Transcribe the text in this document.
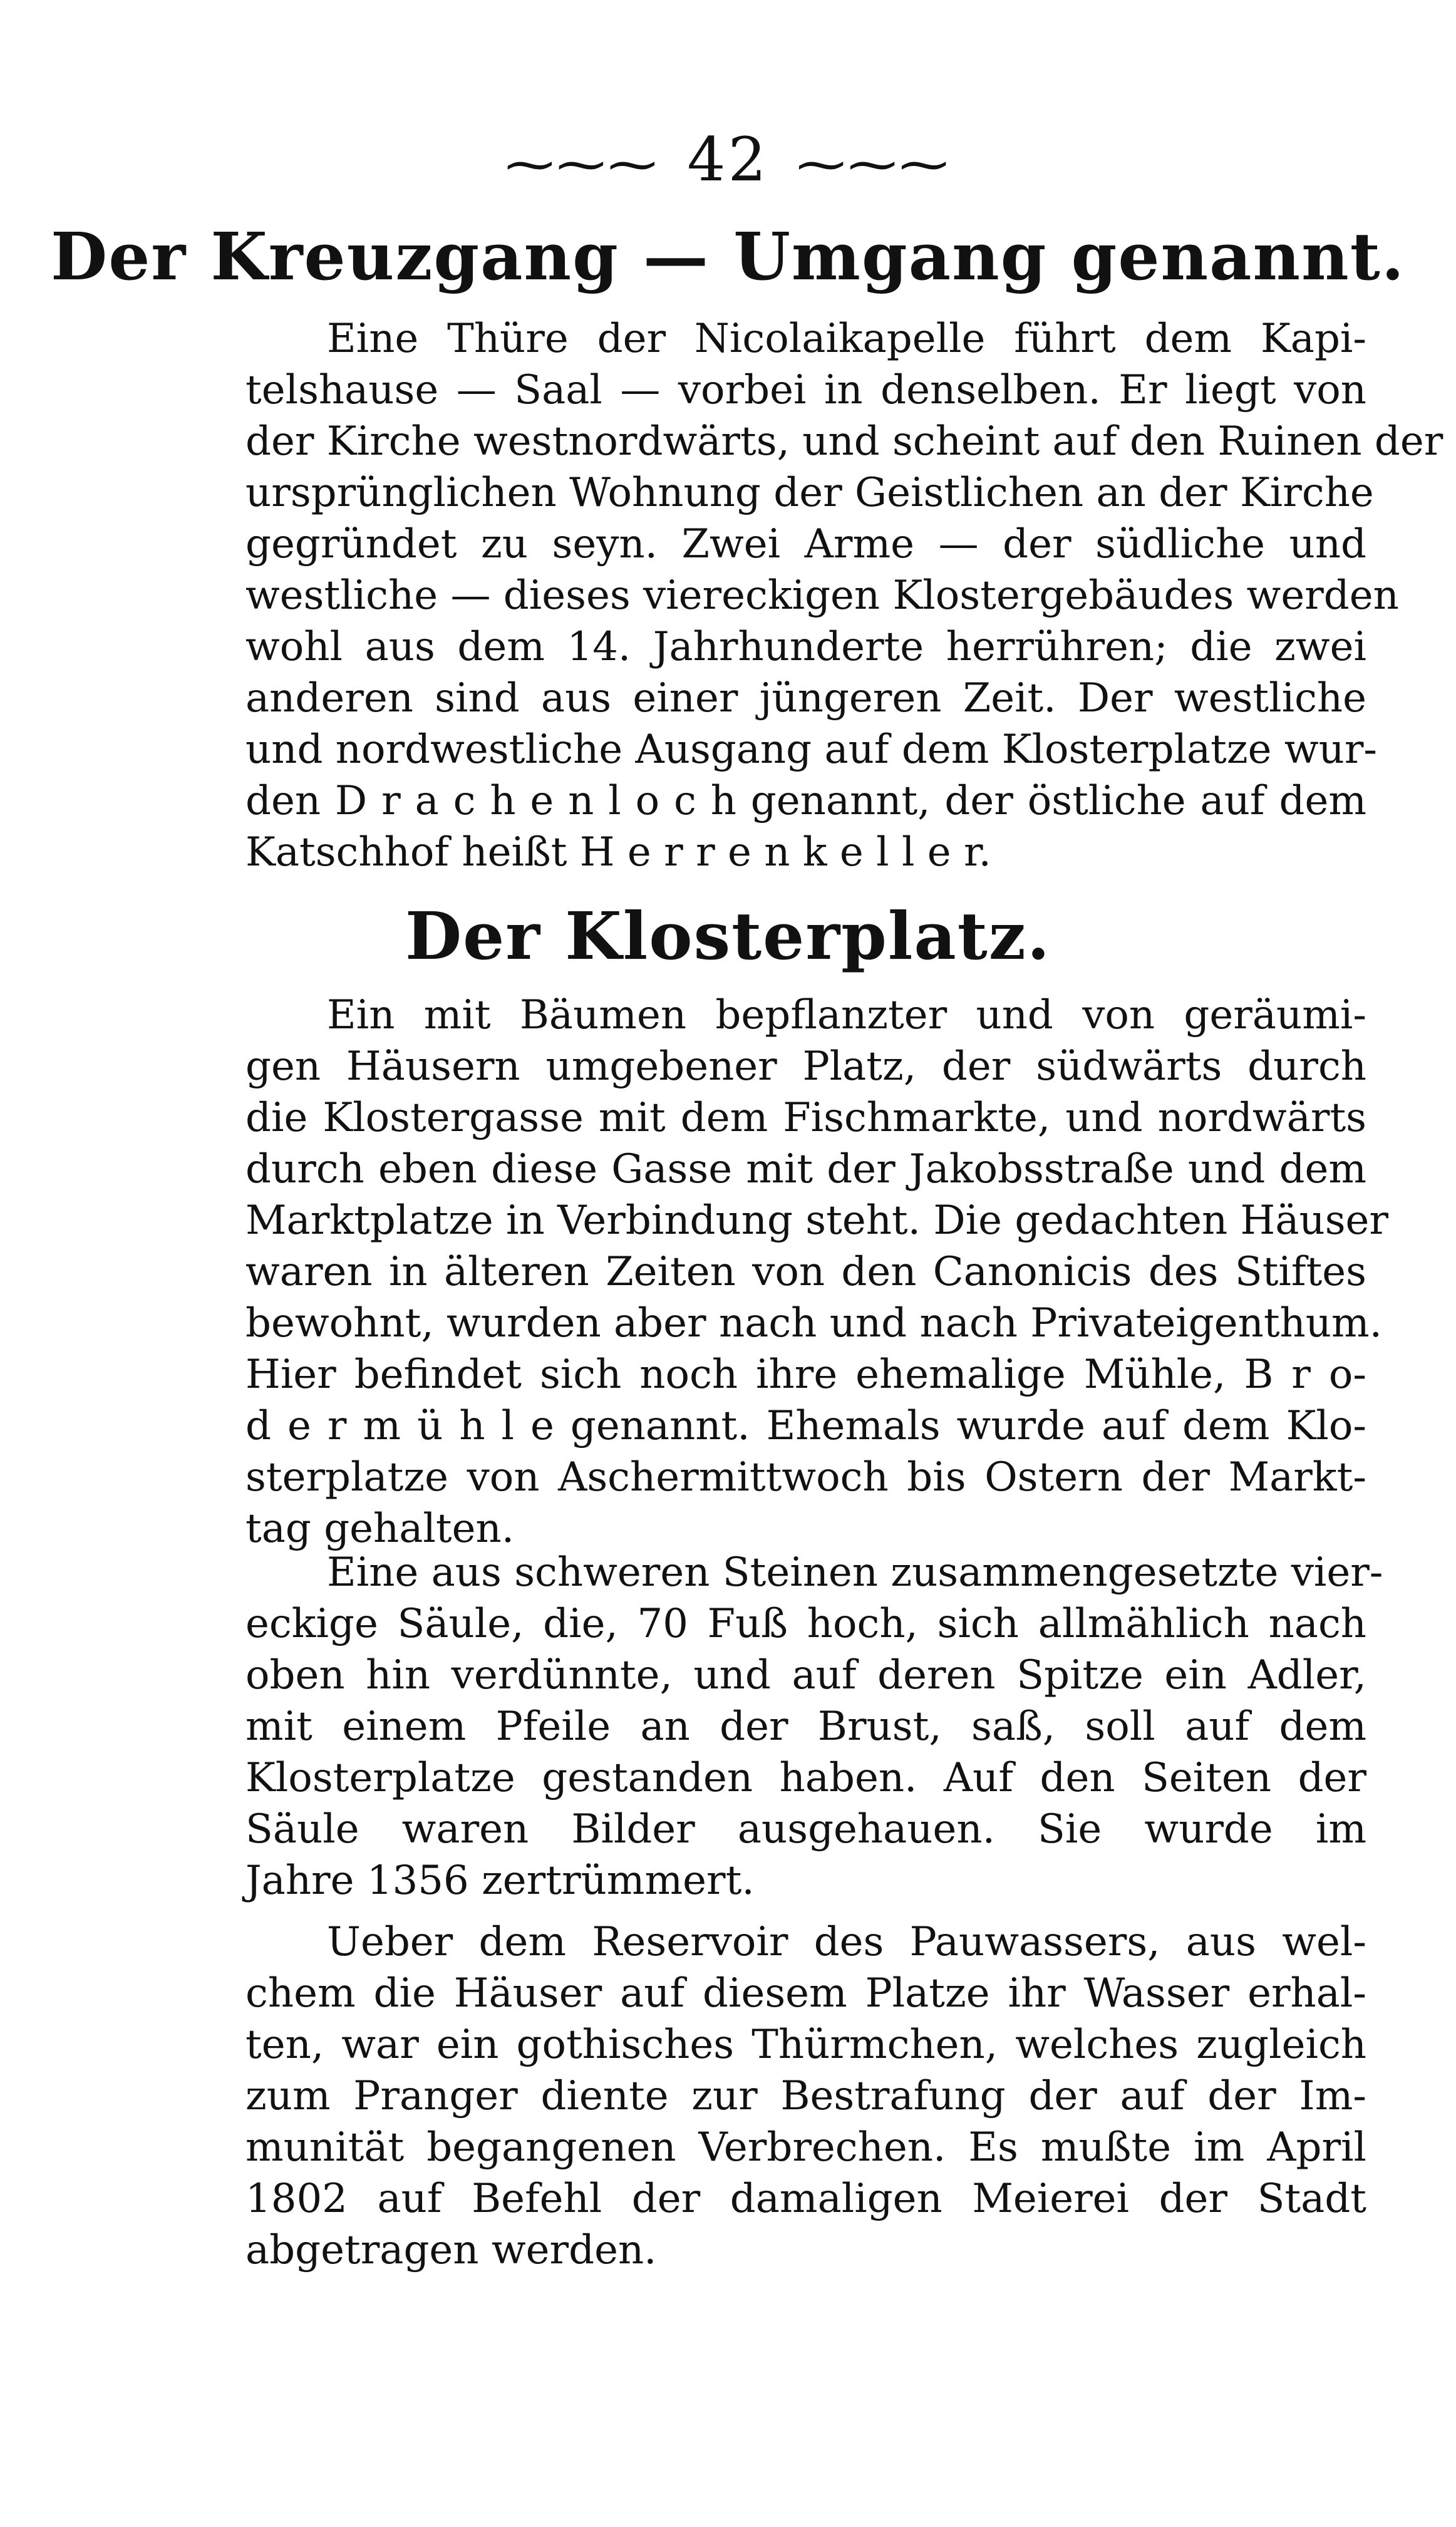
⁓⁓⁓ 42 ⁓⁓⁓
Der Kreuzgang — Umgang genannt.
Eine Thüre der Nicolaikapelle führt dem Kapi-
telshause — Saal — vorbei in denselben. Er liegt von
der Kirche westnordwärts, und scheint auf den Ruinen der
ursprünglichen Wohnung der Geistlichen an der Kirche
gegründet zu seyn. Zwei Arme — der südliche und
westliche — dieses viereckigen Klostergebäudes werden
wohl aus dem 14. Jahrhunderte herrühren; die zwei
anderen sind aus einer jüngeren Zeit. Der westliche
und nordwestliche Ausgang auf dem Klosterplatze wur-
den D r a c h e n l o c h genannt, der östliche auf dem
Katschhof heißt H e r r e n k e l l e r.
Der Klosterplatz.
Ein mit Bäumen bepflanzter und von geräumi-
gen Häusern umgebener Platz, der südwärts durch
die Klostergasse mit dem Fischmarkte, und nordwärts
durch eben diese Gasse mit der Jakobsstraße und dem
Marktplatze in Verbindung steht. Die gedachten Häuser
waren in älteren Zeiten von den Canonicis des Stiftes
bewohnt, wurden aber nach und nach Privateigenthum.
Hier befindet sich noch ihre ehemalige Mühle, B r o-
d e r m ü h l e genannt. Ehemals wurde auf dem Klo-
sterplatze von Aschermittwoch bis Ostern der Markt-
tag gehalten.
Eine aus schweren Steinen zusammengesetzte vier-
eckige Säule, die, 70 Fuß hoch, sich allmählich nach
oben hin verdünnte, und auf deren Spitze ein Adler,
mit einem Pfeile an der Brust, saß, soll auf dem
Klosterplatze gestanden haben. Auf den Seiten der
Säule waren Bilder ausgehauen. Sie wurde im
Jahre 1356 zertrümmert.
Ueber dem Reservoir des Pauwassers, aus wel-
chem die Häuser auf diesem Platze ihr Wasser erhal-
ten, war ein gothisches Thürmchen, welches zugleich
zum Pranger diente zur Bestrafung der auf der Im-
munität begangenen Verbrechen. Es mußte im April
1802 auf Befehl der damaligen Meierei der Stadt
abgetragen werden.
